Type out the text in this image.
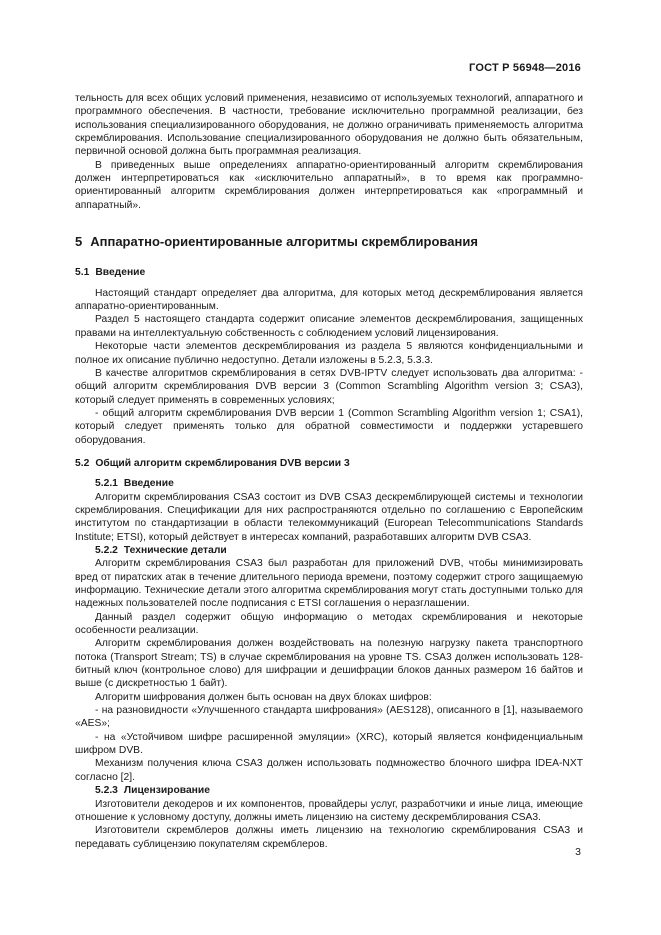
ГОСТ Р 56948—2016

тельность для всех общих условий применения, независимо от используемых технологий, аппаратного и программного обеспечения. В частности, требование исключительно программной реализации, без использования специализированного оборудования, не должно ограничивать применяемость алгоритма скремблирования. Использование специализированного оборудования не должно быть обязательным, первичной основой должна быть программная реализация.

В приведенных выше определениях аппаратно-ориентированный алгоритм скремблирования должен интерпретироваться как «исключительно аппаратный», в то время как программно-ориентированный алгоритм скремблирования должен интерпретироваться как «программный и аппаратный».

5 Аппаратно-ориентированные алгоритмы скремблирования
5.1 Введение

Настоящий стандарт определяет два алгоритма, для которых метод дескремблирования является аппаратно-ориентированным.

Раздел 5 настоящего стандарта содержит описание элементов дескремблирования, защищенных правами на интеллектуальную собственность с соблюдением условий лицензирования.

Некоторые части элементов дескремблирования из раздела 5 являются конфиденциальными и полное их описание публично недоступно. Детали изложены в 5.2.3, 5.3.3.

В качестве алгоритмов скремблирования в сетях DVB-IPTV следует использовать два алгоритма: - общий алгоритм скремблирования DVB версии 3 (Common Scrambling Algorithm version 3; CSA3), который следует применять в современных условиях;

- общий алгоритм скремблирования DVB версии 1 (Common Scrambling Algorithm version 1; CSA1), который следует применять только для обратной совместимости и поддержки устаревшего оборудования.

5.2 Общий алгоритм скремблирования DVB версии 3
5.2.1 Введение

Алгоритм скремблирования CSA3 состоит из DVB CSA3 дескремблирующей системы и технологии скремблирования. Спецификации для них распространяются отдельно по соглашению с Европейским институтом по стандартизации в области телекоммуникаций (European Telecommunications Standards Institute; ETSI), который действует в интересах компаний, разработавших алгоритм DVB CSA3.

5.2.2 Технические детали

Алгоритм скремблирования CSA3 был разработан для приложений DVB, чтобы минимизировать вред от пиратских атак в течение длительного периода времени, поэтому содержит строго защищаемую информацию. Технические детали этого алгоритма скремблирования могут стать доступными только для надежных пользователей после подписания с ETSI соглашения о неразглашении.

Данный раздел содержит общую информацию о методах скремблирования и некоторые особенности реализации.

Алгоритм скремблирования должен воздействовать на полезную нагрузку пакета транспортного потока (Transport Stream; TS) в случае скремблирования на уровне TS. CSA3 должен использовать 128-битный ключ (контрольное слово) для шифрации и дешифрации блоков данных размером 16 байтов и выше (с дискретностью 1 байт).

Алгоритм шифрования должен быть основан на двух блоках шифров:

- на разновидности «Улучшенного стандарта шифрования» (AES128), описанного в [1], называемого «AES»;

- на «Устойчивом шифре расширенной эмуляции» (XRC), который является конфиденциальным шифром DVB.

Механизм получения ключа CSA3 должен использовать подмножество блочного шифра IDEA-NXT согласно [2].

5.2.3 Лицензирование

Изготовители декодеров и их компонентов, провайдеры услуг, разработчики и иные лица, имеющие отношение к условному доступу, должны иметь лицензию на систему дескремблирования CSA3.

Изготовители скремблеров должны иметь лицензию на технологию скремблирования CSA3 и передавать сублицензию покупателям скремблеров.

3
